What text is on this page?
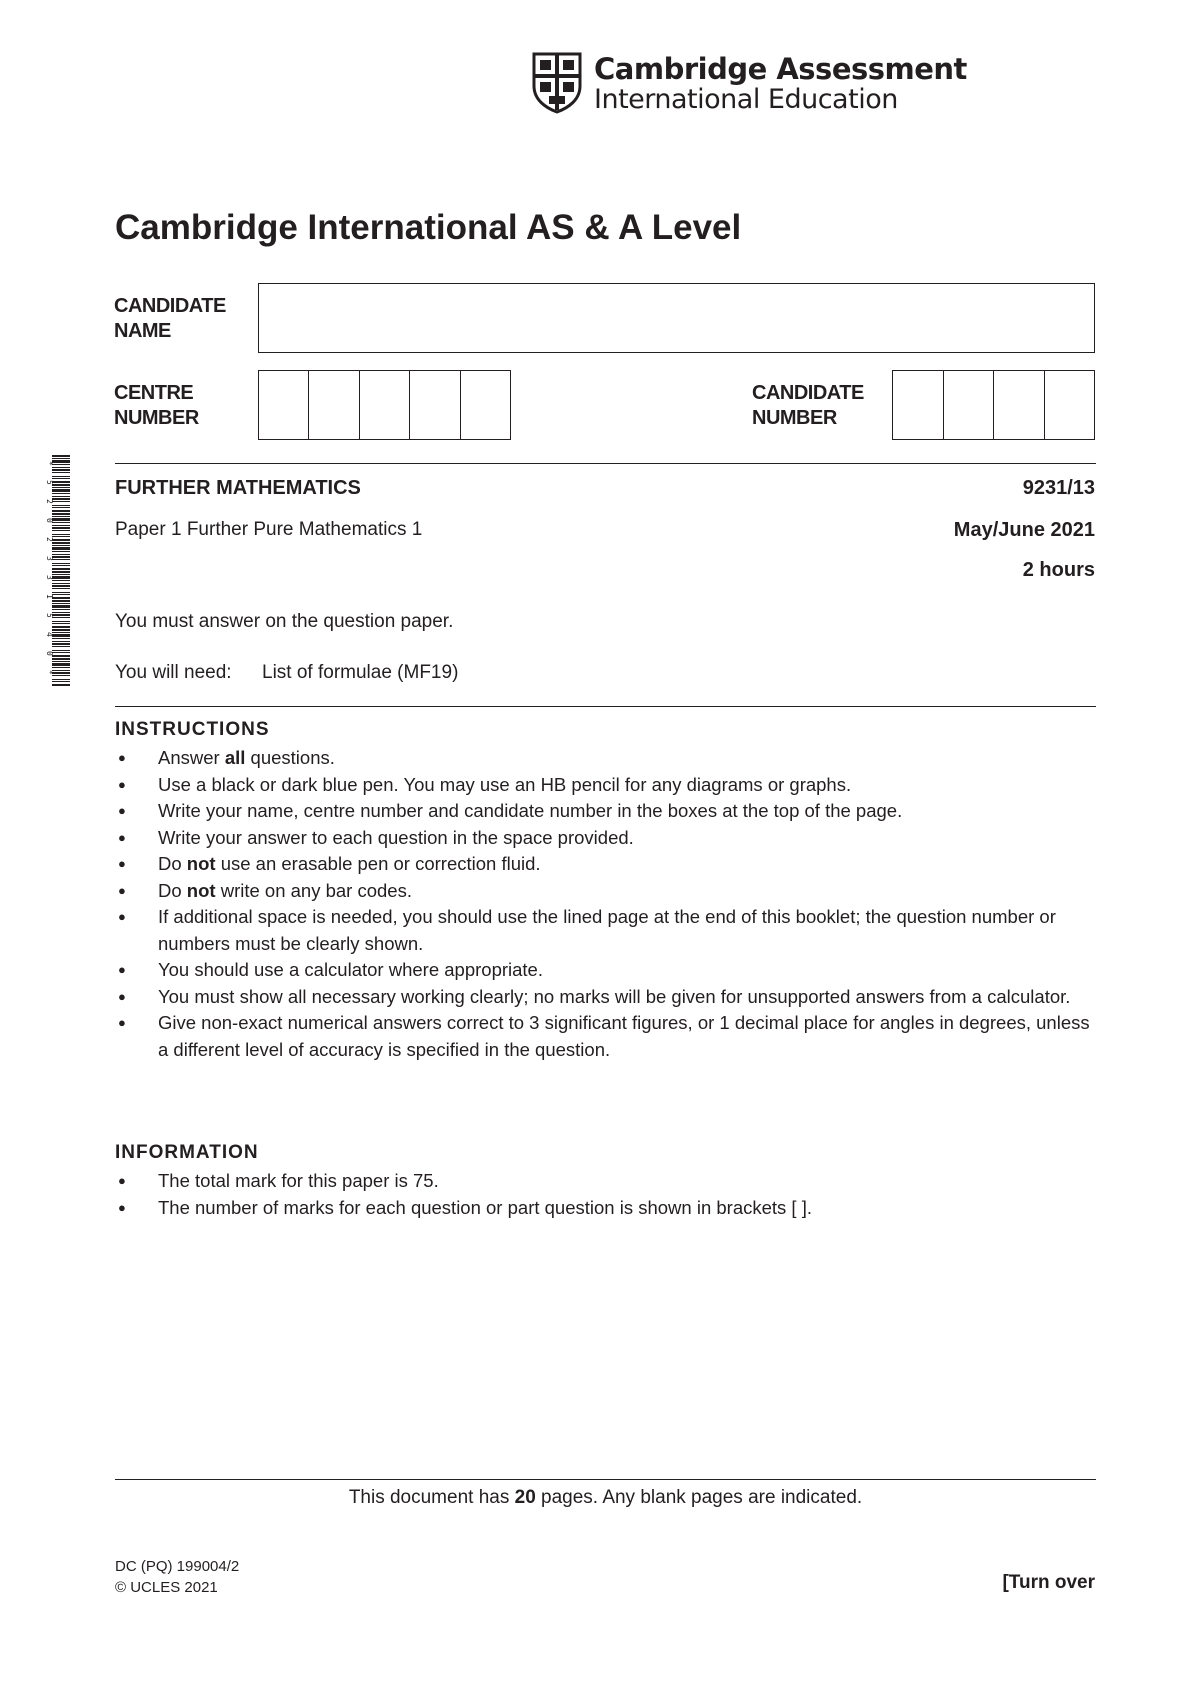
Cambridge Assessment
International Education
Cambridge International AS & A Level
CANDIDATE
NAME
CENTRE
NUMBER
CANDIDATE
NUMBER
*
5
2
0
2
3
3
1
5
4
0
*
FURTHER MATHEMATICS	9231/13
Paper 1 Further Pure Mathematics 1	May/June 2021
2 hours
You must answer on the question paper.
You will need: List of formulae (MF19)
INSTRUCTIONS
● Answer all questions.
● Use a black or dark blue pen. You may use an HB pencil for any diagrams or graphs.
● Write your name, centre number and candidate number in the boxes at the top of the page.
● Write your answer to each question in the space provided.
● Do not use an erasable pen or correction fluid.
● Do not write on any bar codes.
● If additional space is needed, you should use the lined page at the end of this booklet; the question number or numbers must be clearly shown.
● You should use a calculator where appropriate.
● You must show all necessary working clearly; no marks will be given for unsupported answers from a calculator.
● Give non-exact numerical answers correct to 3 significant figures, or 1 decimal place for angles in degrees, unless a different level of accuracy is specified in the question.
INFORMATION
● The total mark for this paper is 75.
● The number of marks for each question or part question is shown in brackets [ ].
This document has 20 pages. Any blank pages are indicated.
DC (PQ) 199004/2
© UCLES 2021	[Turn over
